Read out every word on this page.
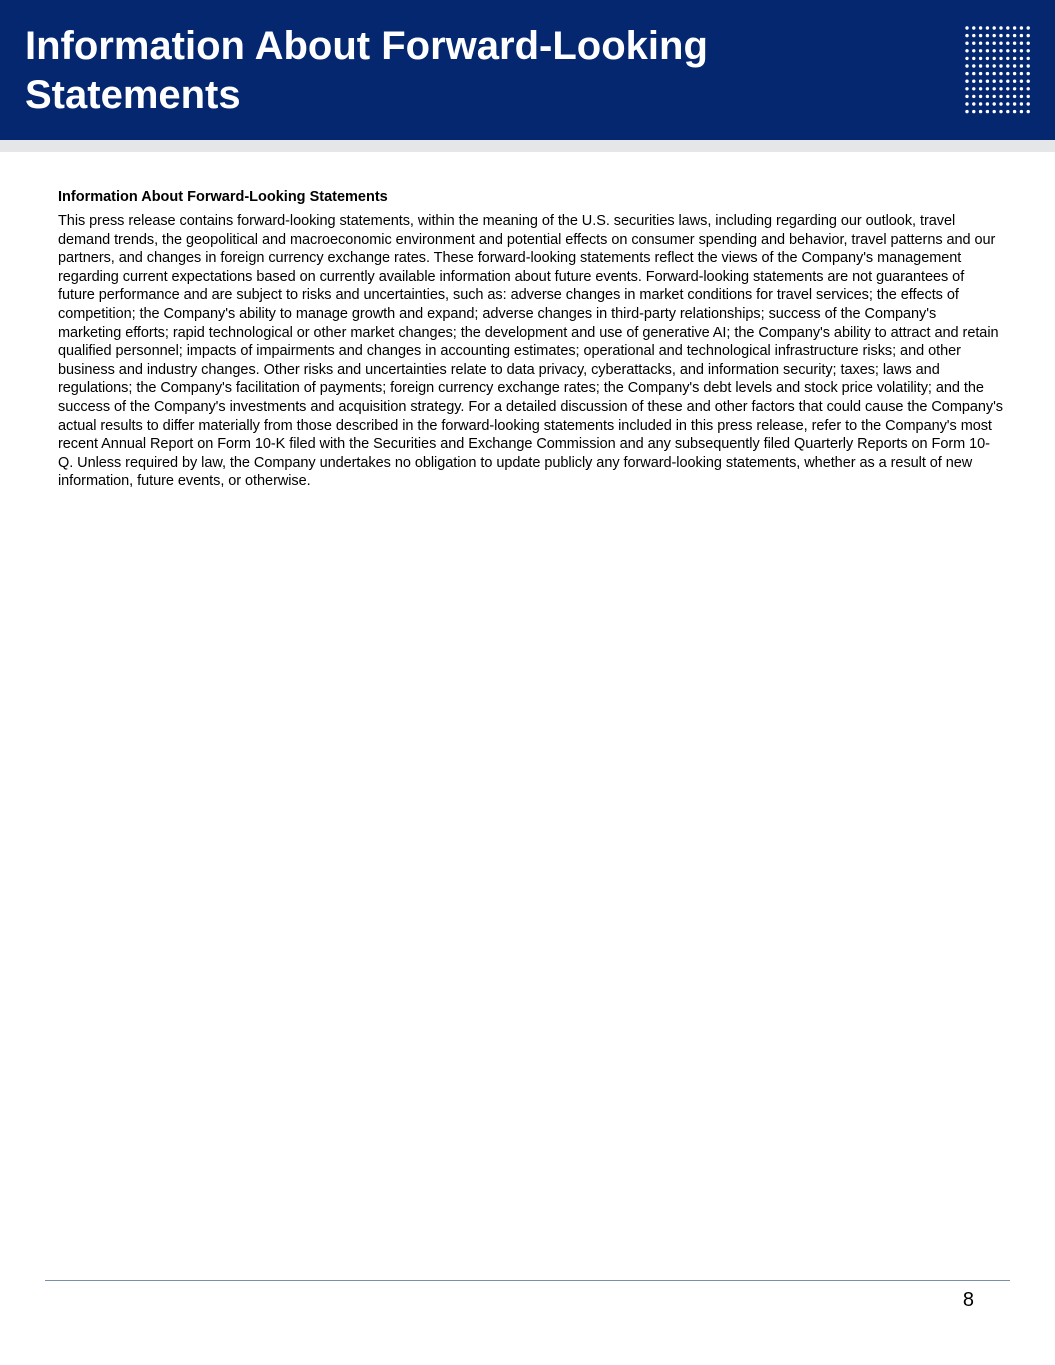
Information About Forward-Looking Statements
Information About Forward-Looking Statements

This press release contains forward-looking statements, within the meaning of the U.S. securities laws, including regarding our outlook, travel demand trends, the geopolitical and macroeconomic environment and potential effects on consumer spending and behavior, travel patterns and our partners, and changes in foreign currency exchange rates. These forward-looking statements reflect the views of the Company's management regarding current expectations based on currently available information about future events. Forward-looking statements are not guarantees of future performance and are subject to risks and uncertainties, such as: adverse changes in market conditions for travel services; the effects of competition; the Company's ability to manage growth and expand; adverse changes in third-party relationships; success of the Company's marketing efforts; rapid technological or other market changes; the development and use of generative AI; the Company's ability to attract and retain qualified personnel; impacts of impairments and changes in accounting estimates; operational and technological infrastructure risks; and other business and industry changes. Other risks and uncertainties relate to data privacy, cyberattacks, and information security; taxes; laws and regulations; the Company's facilitation of payments; foreign currency exchange rates; the Company's debt levels and stock price volatility; and the success of the Company's investments and acquisition strategy. For a detailed discussion of these and other factors that could cause the Company's actual results to differ materially from those described in the forward-looking statements included in this press release, refer to the Company's most recent Annual Report on Form 10-K filed with the Securities and Exchange Commission and any subsequently filed Quarterly Reports on Form 10-Q. Unless required by law, the Company undertakes no obligation to update publicly any forward-looking statements, whether as a result of new information, future events, or otherwise.

8
